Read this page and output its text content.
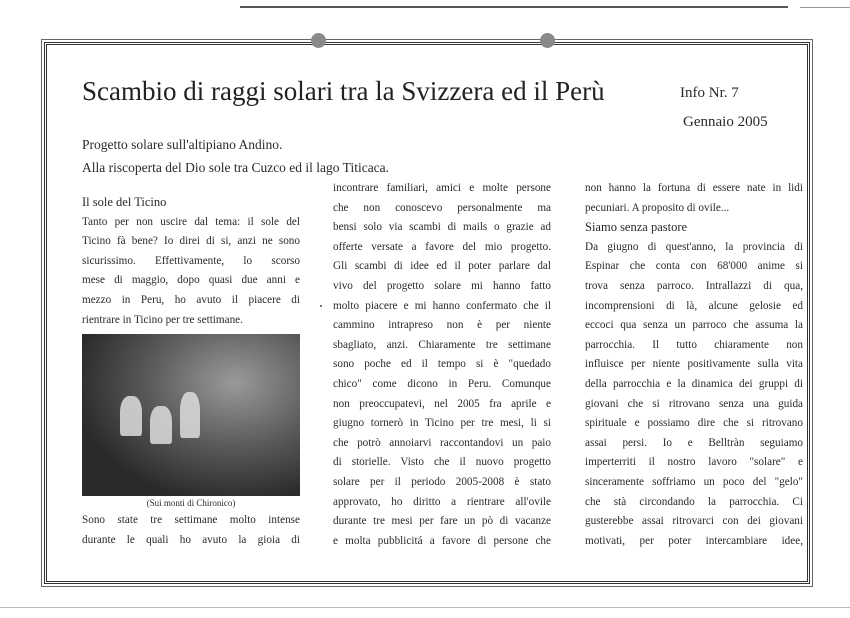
Scambio di raggi solari tra la Svizzera ed il Perù	Info Nr. 7
Gennaio 2005
Progetto solare sull'altipiano Andino.
Alla riscoperta del Dio sole tra Cuzco ed il lago Titicaca.
Il sole del Ticino
Tanto per non uscire dal tema: il sole del
Ticino fà bene? Io direi di si, anzi ne sono
sicurissimo. Effettivamente, lo scorso
mese di maggio, dopo quasi due anni e
mezzo in Peru, ho avuto il piacere di
rientrare in Ticino per tre settimane.
(Sui monti di Chironico)
Sono state tre settimane molto intense
durante le quali ho avuto la gioia di
incontrare familiari, amici e molte persone
che non conoscevo personalmente ma
bensi solo via scambi di mails o grazie ad
offerte versate a favore del mio progetto.
Gli scambi di idee ed il poter parlare dal
vivo del progetto solare mi hanno fatto
molto piacere e mi hanno confermato che il
cammino intrapreso non è per niente
sbagliato, anzi. Chiaramente tre settimane
sono poche ed il tempo si è "quedado
chico" come dicono in Peru. Comunque
non preoccupatevi, nel 2005 fra aprile e
giugno tornerò in Ticino per tre mesi, li si
che potrò annoiarvi raccontandovi un paio
di storielle. Visto che il nuovo progetto
solare per il periodo 2005-2008 è stato
approvato, ho diritto a rientrare all'ovile
durante tre mesi per fare un pò di vacanze
e molta pubblicitá a favore di persone che
non hanno la fortuna di essere nate in lidi
pecuniari. A proposito di ovile...
Siamo senza pastore
Da giugno di quest'anno, la provincia di
Espinar che conta con 68'000 anime si
trova senza parroco. Intrallazzi di qua,
incomprensioni di là, alcune gelosie ed
eccoci qua senza un parroco che assuma la
parrocchia. Il tutto chiaramente non
influisce per niente positivamente sulla vita
della parrocchia e la dinamica dei gruppi di
giovani che si ritrovano senza una guida
spirituale e possiamo dire che si ritrovano
assai persi. Io e Belltràn seguiamo
imperterriti il nostro lavoro "solare" e
sinceramente soffriamo un poco del "gelo"
che stà circondando la parrocchia. Ci
gusterebbe assai ritrovarci con dei giovani
motivati, per poter intercambiare idee,
